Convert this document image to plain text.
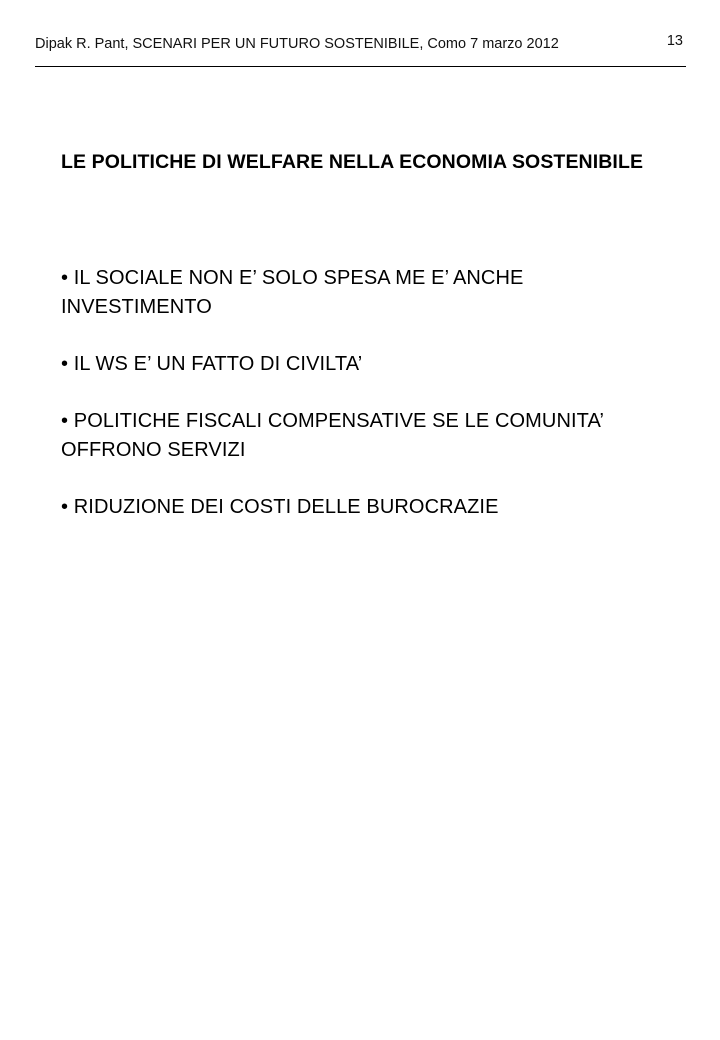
Dipak R. Pant, SCENARI PER UN FUTURO SOSTENIBILE, Como 7 marzo 2012	13
LE POLITICHE DI WELFARE NELLA ECONOMIA SOSTENIBILE
• IL SOCIALE NON E’ SOLO SPESA ME E’ ANCHE INVESTIMENTO
• IL WS E’ UN FATTO DI CIVILTA’
• POLITICHE FISCALI COMPENSATIVE SE LE COMUNITA’ OFFRONO SERVIZI
• RIDUZIONE DEI COSTI DELLE BUROCRAZIE
